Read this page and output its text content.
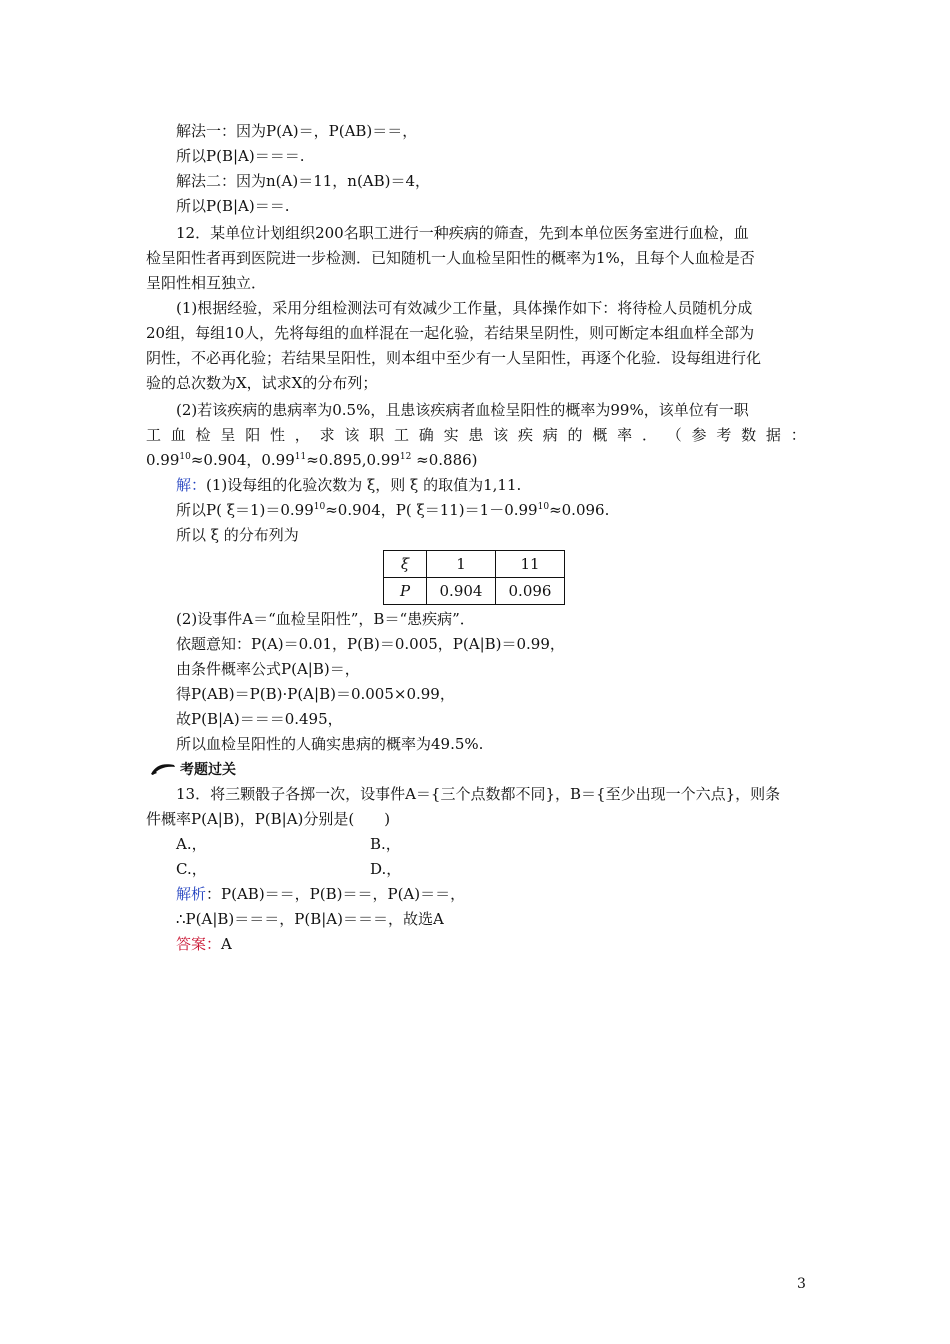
解法一：因为P(A)＝，P(AB)＝＝，
所以P(B|A)＝＝＝.
解法二：因为n(A)＝11，n(AB)＝4，
所以P(B|A)＝＝.
12．某单位计划组织200名职工进行一种疾病的筛查，先到本单位医务室进行血检，血
检呈阳性者再到医院进一步检测．已知随机一人血检呈阳性的概率为1%，且每个人血检是否
呈阳性相互独立．
(1)根据经验，采用分组检测法可有效减少工作量，具体操作如下：将待检人员随机分成
20组，每组10人，先将每组的血样混在一起化验，若结果呈阴性，则可断定本组血样全部为
阴性，不必再化验；若结果呈阳性，则本组中至少有一人呈阳性，再逐个化验．设每组进行化
验的总次数为X，试求X的分布列；
(2)若该疾病的患病率为0.5%，且患该疾病者血检呈阳性的概率为99%，该单位有一职
工 血 检 呈 阳 性 ， 求 该 职 工 确 实 患 该 疾 病 的 概 率 ． （ 参 考 数 据 ：
$0.99^{10}\approx 0.904$，$0.99^{11}\approx 0.895,0.99^{12} \approx 0.886$)
解：(1)设每组的化验次数为 ξ，则 ξ 的取值为1,11.
所以P( $\xi=1)=0.99^{10}\approx 0.904$，P( $\xi=11)=1-0.99^{10}\approx 0.096$.
所以 ξ 的分布列为
ξ	1	11
P	0.904	0.096
(2)设事件A＝“血检呈阳性”，B＝“患疾病”．
依题意知：P(A)＝0.01，P(B)＝0.005，P(A|B)＝0.99，
由条件概率公式P(A|B)＝，
得P(AB)＝P(B)·P(A|B)＝0.005×0.99，
故P(B|A)＝＝＝0.495，
所以血检呈阳性的人确实患病的概率为49.5%.
考题过关
13．将三颗骰子各掷一次，设事件A＝{三个点数都不同}，B＝{至少出现一个六点}，则条
件概率P(A|B)，P(B|A)分别是(　　)
A.，	B.，
C.，	D.，
解析：P(AB)＝＝，P(B)＝＝，P(A)＝＝，
∴P(A|B)＝＝＝，P(B|A)＝＝＝，故选A
答案：A
3
